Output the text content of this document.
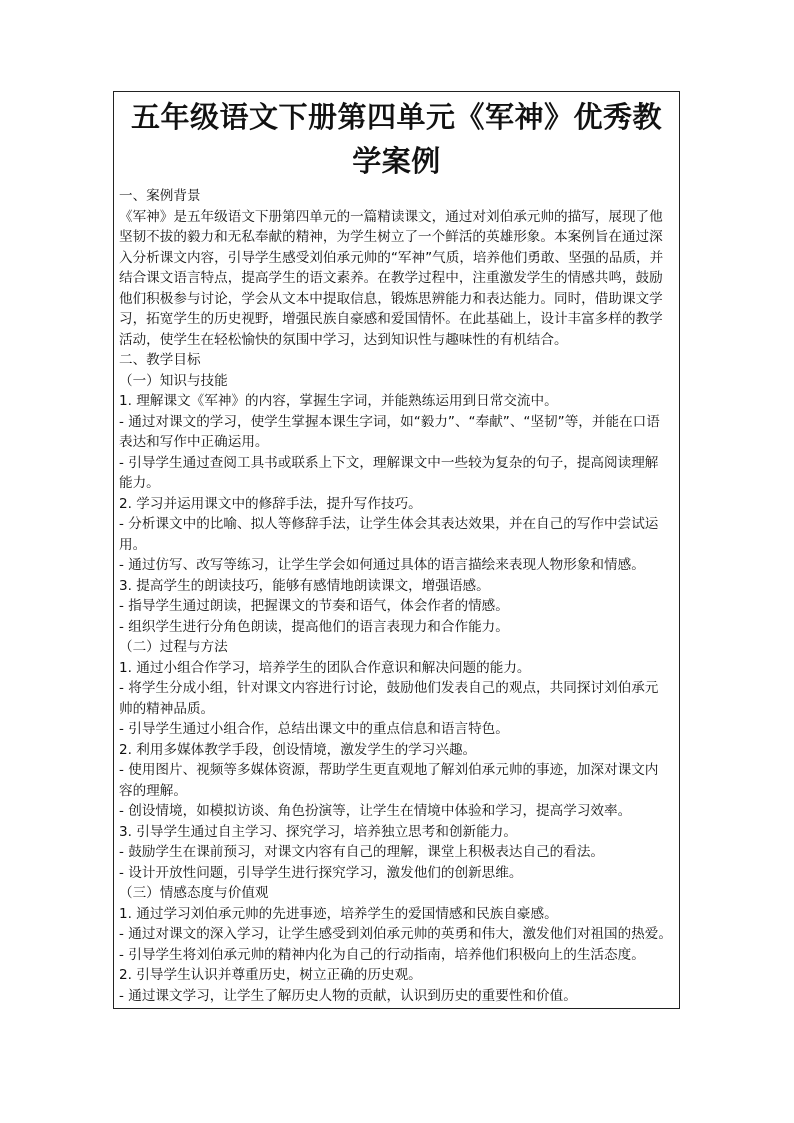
五年级语文下册第四单元《军神》优秀教学案例
一、案例背景
《军神》是五年级语文下册第四单元的一篇精读课文，通过对刘伯承元帅的描写，展现了他
坚韧不拔的毅力和无私奉献的精神，为学生树立了一个鲜活的英雄形象。本案例旨在通过深
入分析课文内容，引导学生感受刘伯承元帅的“军神”气质，培养他们勇敢、坚强的品质，并
结合课文语言特点，提高学生的语文素养。在教学过程中，注重激发学生的情感共鸣，鼓励
他们积极参与讨论，学会从文本中提取信息，锻炼思辨能力和表达能力。同时，借助课文学
习，拓宽学生的历史视野，增强民族自豪感和爱国情怀。在此基础上，设计丰富多样的教学
活动，使学生在轻松愉快的氛围中学习，达到知识性与趣味性的有机结合。
二、教学目标
（一）知识与技能
1. 理解课文《军神》的内容，掌握生字词，并能熟练运用到日常交流中。
- 通过对课文的学习，使学生掌握本课生字词，如“毅力”、“奉献”、“坚韧”等，并能在口语
表达和写作中正确运用。
- 引导学生通过查阅工具书或联系上下文，理解课文中一些较为复杂的句子，提高阅读理解
能力。
2. 学习并运用课文中的修辞手法，提升写作技巧。
- 分析课文中的比喻、拟人等修辞手法，让学生体会其表达效果，并在自己的写作中尝试运
用。
- 通过仿写、改写等练习，让学生学会如何通过具体的语言描绘来表现人物形象和情感。
3. 提高学生的朗读技巧，能够有感情地朗读课文，增强语感。
- 指导学生通过朗读，把握课文的节奏和语气，体会作者的情感。
- 组织学生进行分角色朗读，提高他们的语言表现力和合作能力。
（二）过程与方法
1. 通过小组合作学习，培养学生的团队合作意识和解决问题的能力。
- 将学生分成小组，针对课文内容进行讨论，鼓励他们发表自己的观点，共同探讨刘伯承元
帅的精神品质。
- 引导学生通过小组合作，总结出课文中的重点信息和语言特色。
2. 利用多媒体教学手段，创设情境，激发学生的学习兴趣。
- 使用图片、视频等多媒体资源，帮助学生更直观地了解刘伯承元帅的事迹，加深对课文内
容的理解。
- 创设情境，如模拟访谈、角色扮演等，让学生在情境中体验和学习，提高学习效率。
3. 引导学生通过自主学习、探究学习，培养独立思考和创新能力。
- 鼓励学生在课前预习，对课文内容有自己的理解，课堂上积极表达自己的看法。
- 设计开放性问题，引导学生进行探究学习，激发他们的创新思维。
（三）情感态度与价值观
1. 通过学习刘伯承元帅的先进事迹，培养学生的爱国情感和民族自豪感。
- 通过对课文的深入学习，让学生感受到刘伯承元帅的英勇和伟大，激发他们对祖国的热爱。
- 引导学生将刘伯承元帅的精神内化为自己的行动指南，培养他们积极向上的生活态度。
2. 引导学生认识并尊重历史，树立正确的历史观。
- 通过课文学习，让学生了解历史人物的贡献，认识到历史的重要性和价值。
